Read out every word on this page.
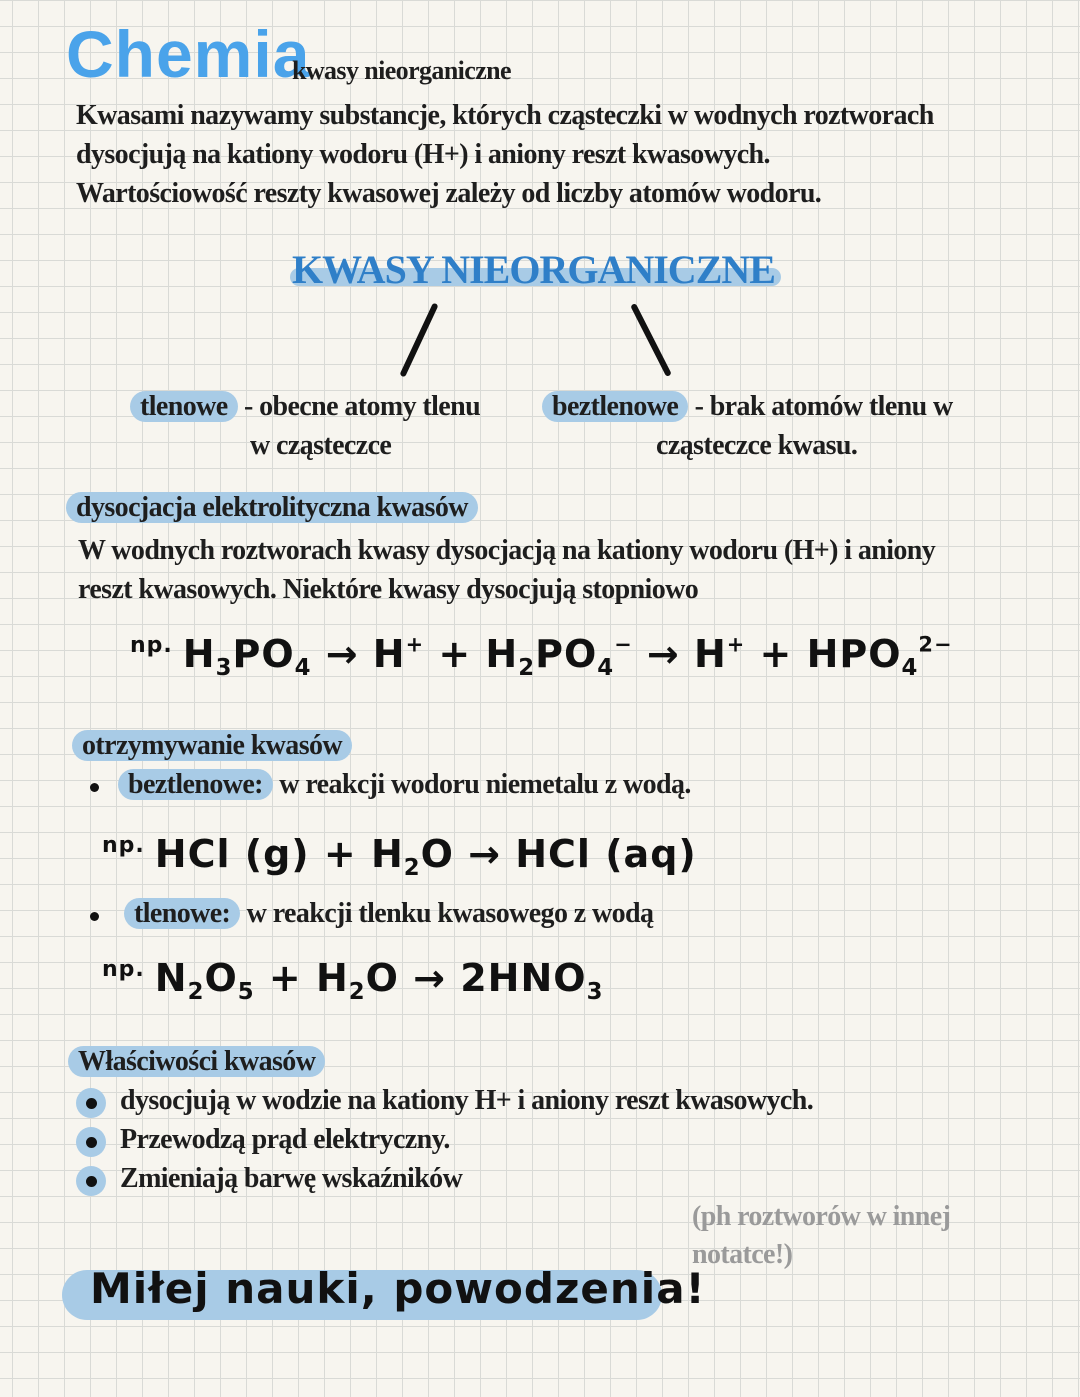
Chemia
kwasy nieorganiczne
Kwasami nazywamy substancje, których cząsteczki w wodnych roztworach
dysocjują na kationy wodoru (H+) i aniony reszt kwasowych.
Wartościowość reszty kwasowej zależy od liczby atomów wodoru.
KWASY NIEORGANICZNE
tlenowe - obecne atomy tlenu
w cząsteczce
beztlenowe - brak atomów tlenu w
cząsteczce kwasu.
dysocjacja elektrolityczna kwasów
W wodnych roztworach kwasy dysocjacją na kationy wodoru (H+) i aniony
reszt kwasowych. Niektóre kwasy dysocjują stopniowo
$^{np.}$ $H_3PO_4 \to H^+ + H_2PO_4^- \to H^+ + HPO_4^{2-}$
otrzymywanie kwasów
beztlenowe: w reakcji wodoru niemetalu z wodą.
$^{np.}$ HCl $(g) + H_2O$ → HCl (aq)
tlenowe: w reakcji tlenku kwasowego z wodą
$^{np.}$ $N_2O_5 + H_2O \to 2HNO_3$
Właściwości kwasów
dysocjują w wodzie na kationy H+ i aniony reszt kwasowych.
Przewodzą prąd elektryczny.
Zmieniają barwę wskaźników
(ph roztworów w innej
notatce!)
Miłej nauki, powodzenia!
